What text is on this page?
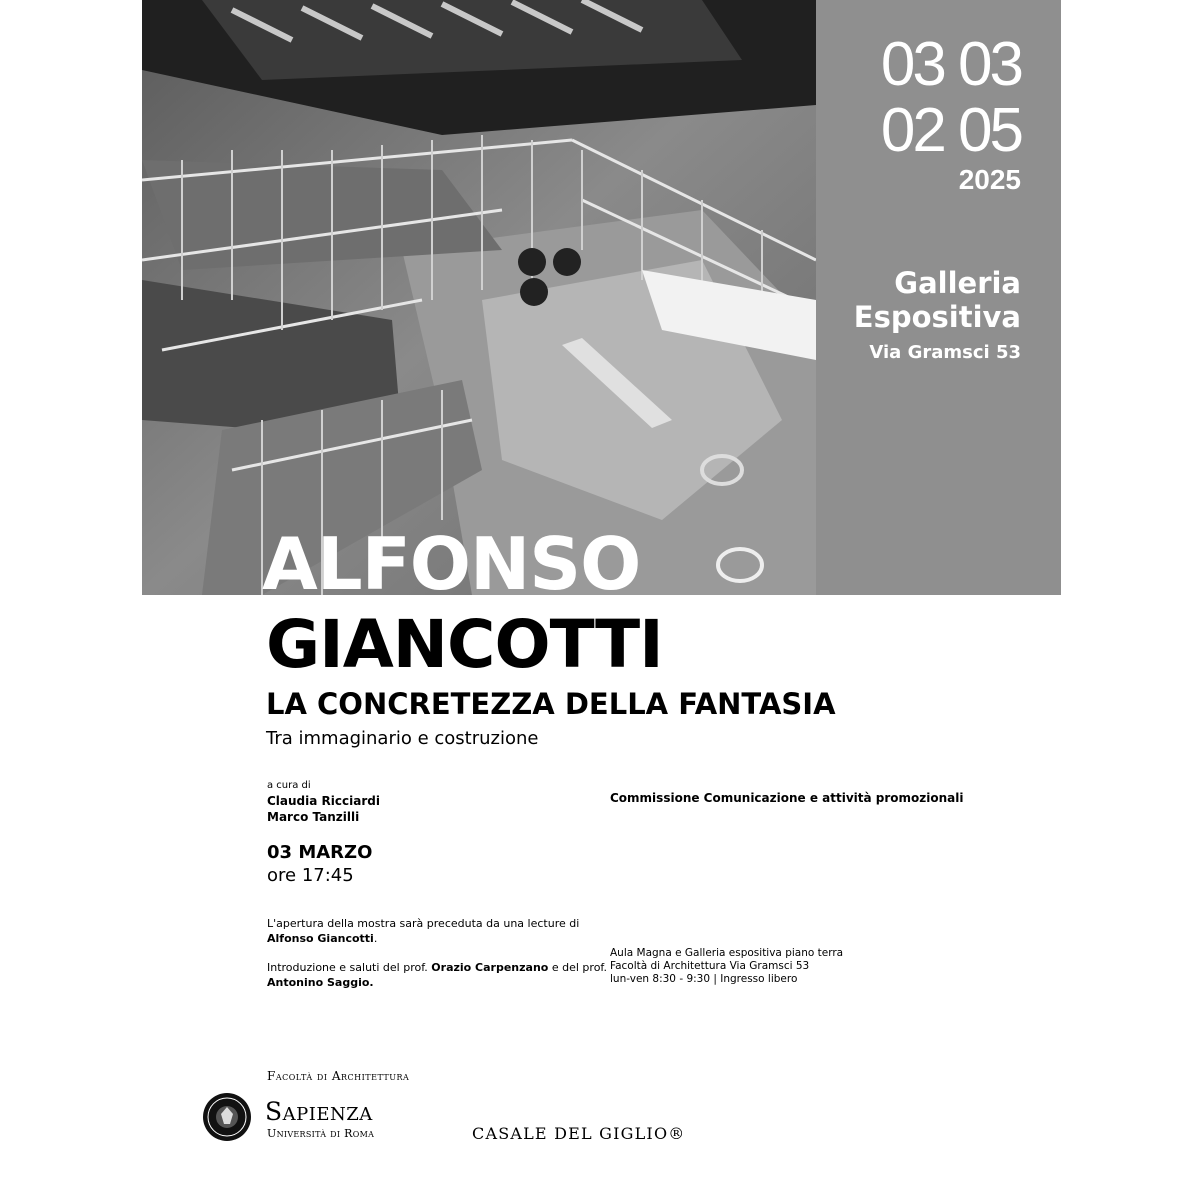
03 03
02 05
2025
Galleria Espositiva
Via Gramsci 53
ALFONSO
GIANCOTTI
LA CONCRETEZZA DELLA FANTASIA
Tra immaginario e costruzione
a cura di
Claudia Ricciardi
Marco Tanzilli
Commissione Comunicazione e attività promozionali
03 MARZO
ore 17:45
L'apertura della mostra sarà preceduta da una lecture di
Alfonso Giancotti.
Introduzione e saluti del prof. Orazio Carpenzano e del prof. Antonino Saggio.
Aula Magna e Galleria espositiva piano terra
Facoltà di Architettura Via Gramsci 53
lun-ven 8:30 - 9:30 | Ingresso libero
Facoltà di Architettura
Sapienza
Università di Roma	CASALE DEL GIGLIO®
